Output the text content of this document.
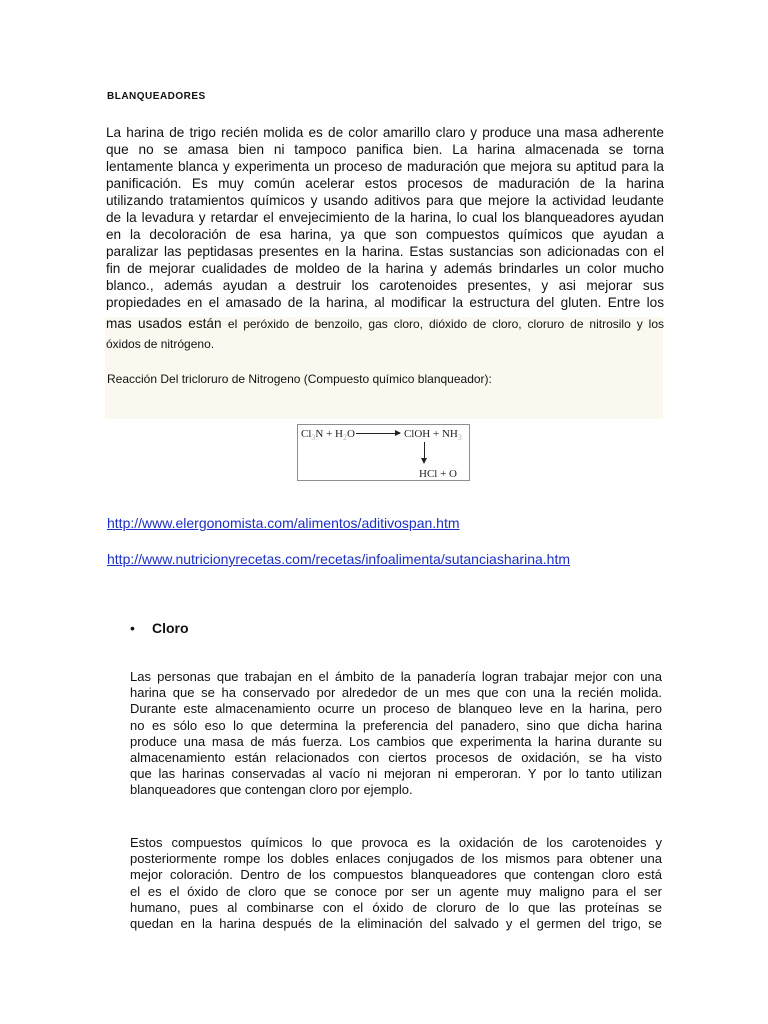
BLANQUEADORES
La harina de trigo recién molida es de color amarillo claro y produce una masa adherente
que no se amasa bien ni tampoco panifica bien. La harina almacenada se torna
lentamente blanca y experimenta un proceso de maduración que mejora su aptitud para la
panificación. Es muy común acelerar estos procesos de maduración de la harina
utilizando tratamientos químicos y usando aditivos para que mejore la actividad leudante
de la levadura y retardar el envejecimiento de la harina, lo cual los blanqueadores ayudan
en la decoloración de esa harina, ya que son compuestos químicos que ayudan a
paralizar las peptidasas presentes en la harina. Estas sustancias son adicionadas con el
fin de mejorar cualidades de moldeo de la harina y además brindarles un color mucho
blanco., además ayudan a destruir los carotenoides presentes, y asi mejorar sus
propiedades en el amasado de la harina, al modificar la estructura del gluten. Entre los
mas usados están el peróxido de benzoilo, gas cloro, dióxido de cloro, cloruro de nitrosilo y los
óxidos de nitrógeno.
Reacción Del tricloruro de Nitrogeno (Compuesto químico blanqueador):
$Cl_3N + H_2O\to$ ClOH + $NH_3$
HCl + O
http://www.elergonomista.com/alimentos/aditivospan.htm
http://www.nutricionyrecetas.com/recetas/infoalimenta/sutanciasharina.htm
• Cloro
Las personas que trabajan en el ámbito de la panadería logran trabajar mejor con una
harina que se ha conservado por alrededor de un mes que con una la recién molida.
Durante este almacenamiento ocurre un proceso de blanqueo leve en la harina, pero
no es sólo eso lo que determina la preferencia del panadero, sino que dicha harina
produce una masa de más fuerza. Los cambios que experimenta la harina durante su
almacenamiento están relacionados con ciertos procesos de oxidación, se ha visto
que las harinas conservadas al vacío ni mejoran ni emperoran. Y por lo tanto utilizan
blanqueadores que contengan cloro por ejemplo.
Estos compuestos químicos lo que provoca es la oxidación de los carotenoides y
posteriormente rompe los dobles enlaces conjugados de los mismos para obtener una
mejor coloración. Dentro de los compuestos blanqueadores que contengan cloro está
el es el óxido de cloro que se conoce por ser un agente muy maligno para el ser
humano, pues al combinarse con el óxido de cloruro de lo que las proteínas se
quedan en la harina después de la eliminación del salvado y el germen del trigo, se
